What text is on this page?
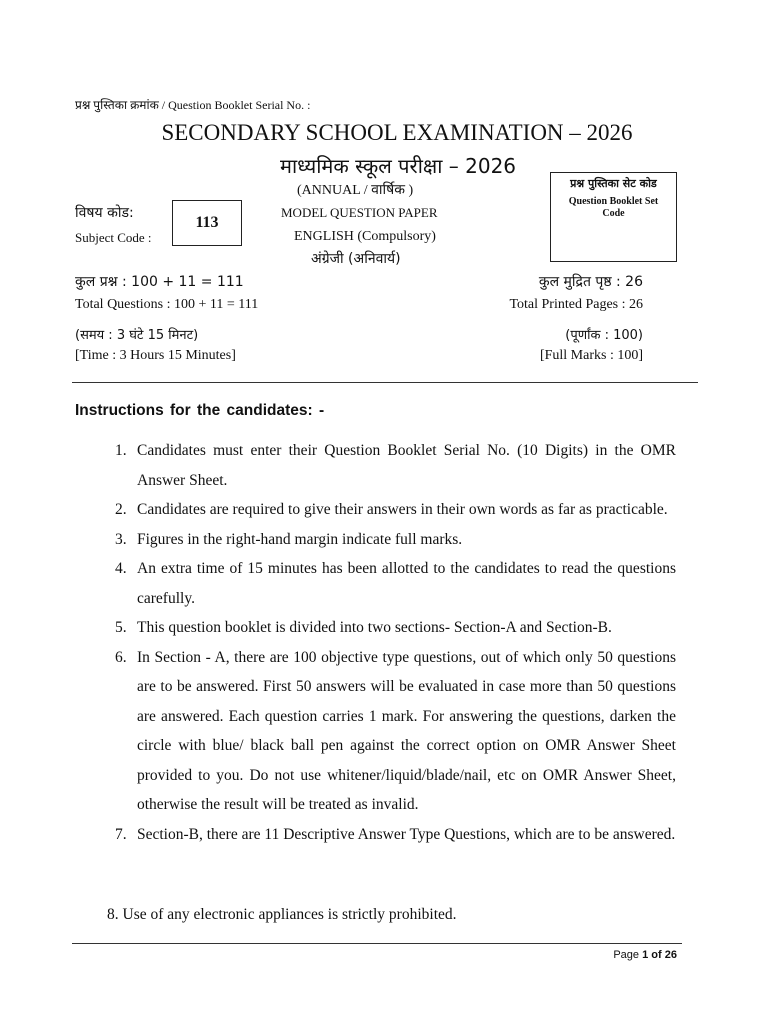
प्रश्न पुस्तिका क्रमांक / Question Booklet Serial No. :
SECONDARY SCHOOL EXAMINATION – 2026
माध्यमिक स्कूल परीक्षा – 2026
(ANNUAL / वार्षिक )	प्रश्न पुस्तिका सेट कोड
Question Booklet Set Code
विषय कोड:
Subject Code :
113
MODEL QUESTION PAPER
ENGLISH (Compulsory)
अंग्रेजी (अनिवार्य)
कुल प्रश्न : 100 + 11 = 111
Total Questions : 100 + 11 = 111
कुल मुद्रित पृष्ठ : 26
Total Printed Pages : 26
(समय : 3 घंटे 15 मिनट)
[Time : 3 Hours 15 Minutes]
(पूर्णांक : 100)
[Full Marks : 100]
Instructions for the candidates: -
1. Candidates must enter their Question Booklet Serial No. (10 Digits) in the OMR Answer Sheet.
2. Candidates are required to give their answers in their own words as far as practicable.
3. Figures in the right-hand margin indicate full marks.
4. An extra time of 15 minutes has been allotted to the candidates to read the questions carefully.
5. This question booklet is divided into two sections- Section-A and Section-B.
6. In Section - A, there are 100 objective type questions, out of which only 50 questions are to be answered. First 50 answers will be evaluated in case more than 50 questions are answered. Each question carries 1 mark. For answering the questions, darken the circle with blue/ black ball pen against the correct option on OMR Answer Sheet provided to you. Do not use whitener/liquid/blade/nail, etc on OMR Answer Sheet, otherwise the result will be treated as invalid.
7. Section-B, there are 11 Descriptive Answer Type Questions, which are to be answered.
8. Use of any electronic appliances is strictly prohibited.
Page 1 of 26
